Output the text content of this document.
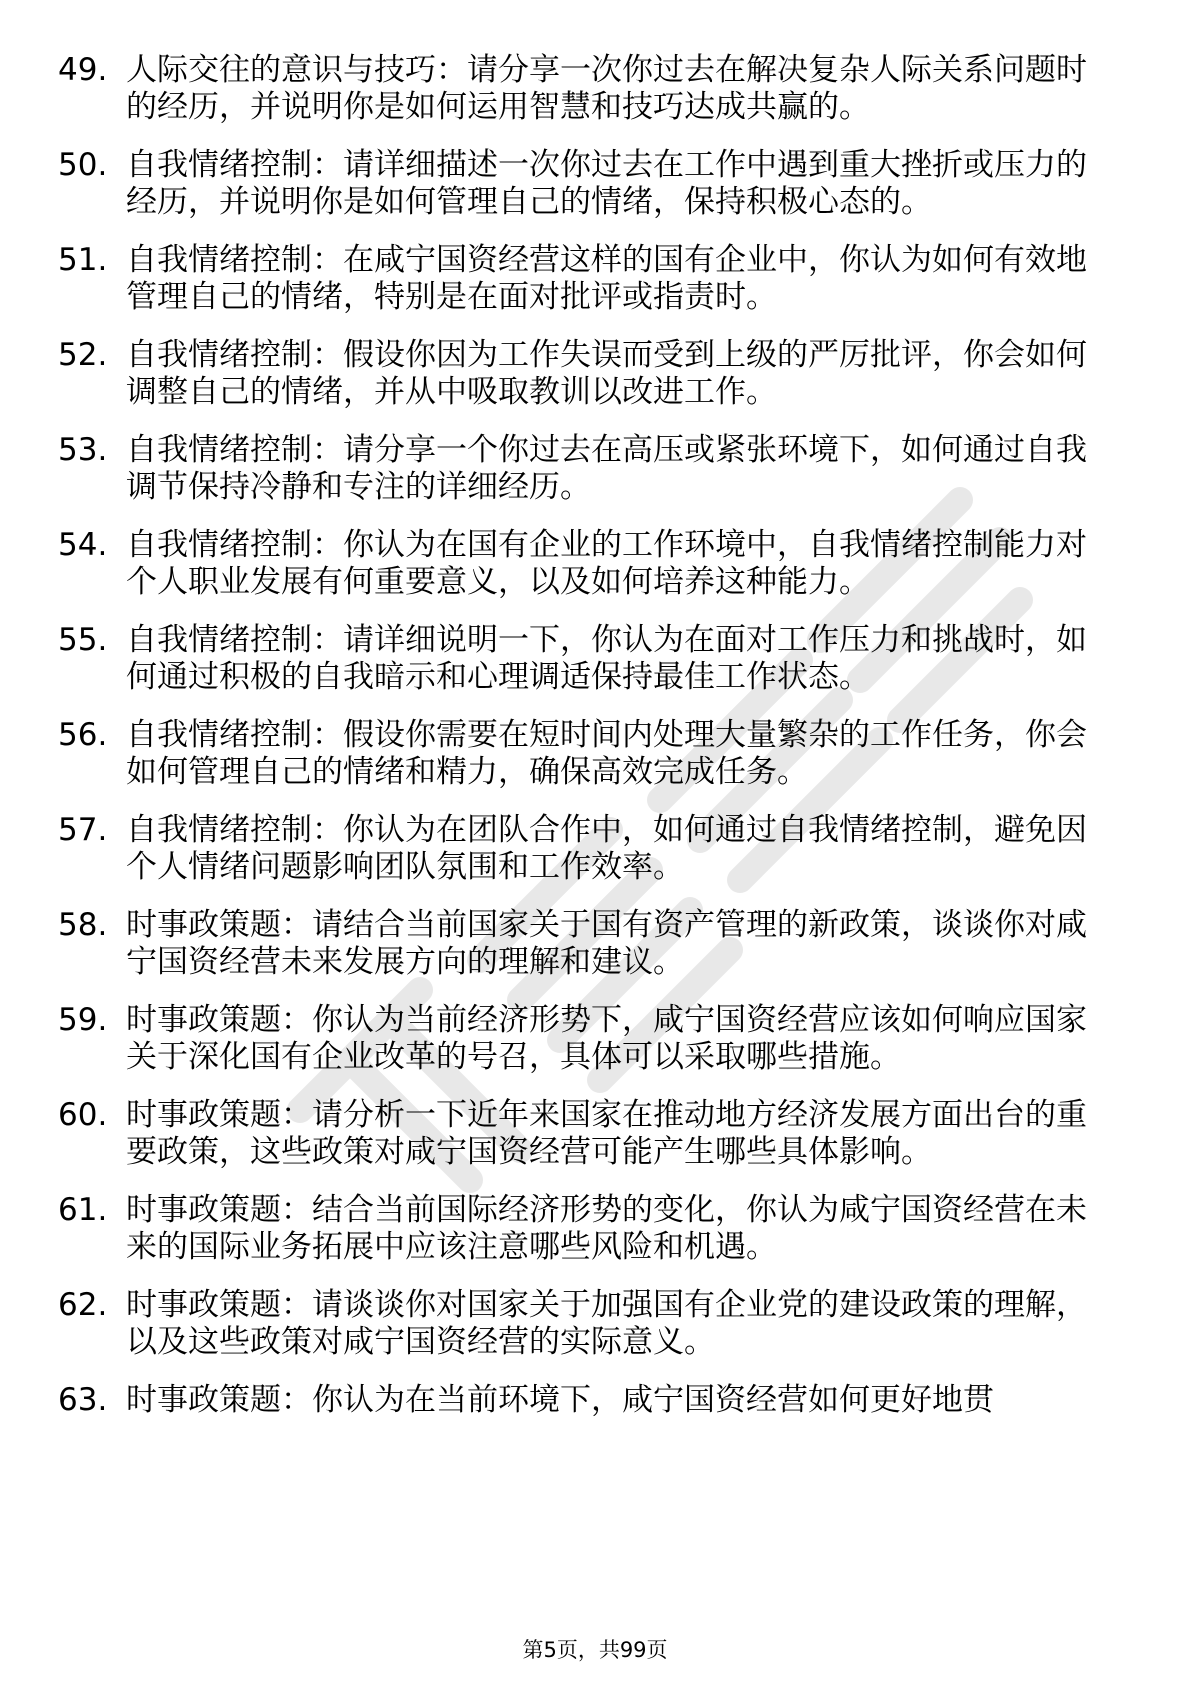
49. 人际交往的意识与技巧：请分享一次你过去在解决复杂人际关系问题时的经历，并说明你是如何运用智慧和技巧达成共赢的。
50. 自我情绪控制：请详细描述一次你过去在工作中遇到重大挫折或压力的经历，并说明你是如何管理自己的情绪，保持积极心态的。
51. 自我情绪控制：在咸宁国资经营这样的国有企业中，你认为如何有效地管理自己的情绪，特别是在面对批评或指责时。
52. 自我情绪控制：假设你因为工作失误而受到上级的严厉批评，你会如何调整自己的情绪，并从中吸取教训以改进工作。
53. 自我情绪控制：请分享一个你过去在高压或紧张环境下，如何通过自我调节保持冷静和专注的详细经历。
54. 自我情绪控制：你认为在国有企业的工作环境中，自我情绪控制能力对个人职业发展有何重要意义，以及如何培养这种能力。
55. 自我情绪控制：请详细说明一下，你认为在面对工作压力和挑战时，如何通过积极的自我暗示和心理调适保持最佳工作状态。
56. 自我情绪控制：假设你需要在短时间内处理大量繁杂的工作任务，你会如何管理自己的情绪和精力，确保高效完成任务。
57. 自我情绪控制：你认为在团队合作中，如何通过自我情绪控制，避免因个人情绪问题影响团队氛围和工作效率。
58. 时事政策题：请结合当前国家关于国有资产管理的新政策，谈谈你对咸宁国资经营未来发展方向的理解和建议。
59. 时事政策题：你认为当前经济形势下，咸宁国资经营应该如何响应国家关于深化国有企业改革的号召，具体可以采取哪些措施。
60. 时事政策题：请分析一下近年来国家在推动地方经济发展方面出台的重要政策，这些政策对咸宁国资经营可能产生哪些具体影响。
61. 时事政策题：结合当前国际经济形势的变化，你认为咸宁国资经营在未来的国际业务拓展中应该注意哪些风险和机遇。
62. 时事政策题：请谈谈你对国家关于加强国有企业党的建设政策的理解，以及这些政策对咸宁国资经营的实际意义。
63. 时事政策题：你认为在当前环境下，咸宁国资经营如何更好地贯
第5页，共99页
